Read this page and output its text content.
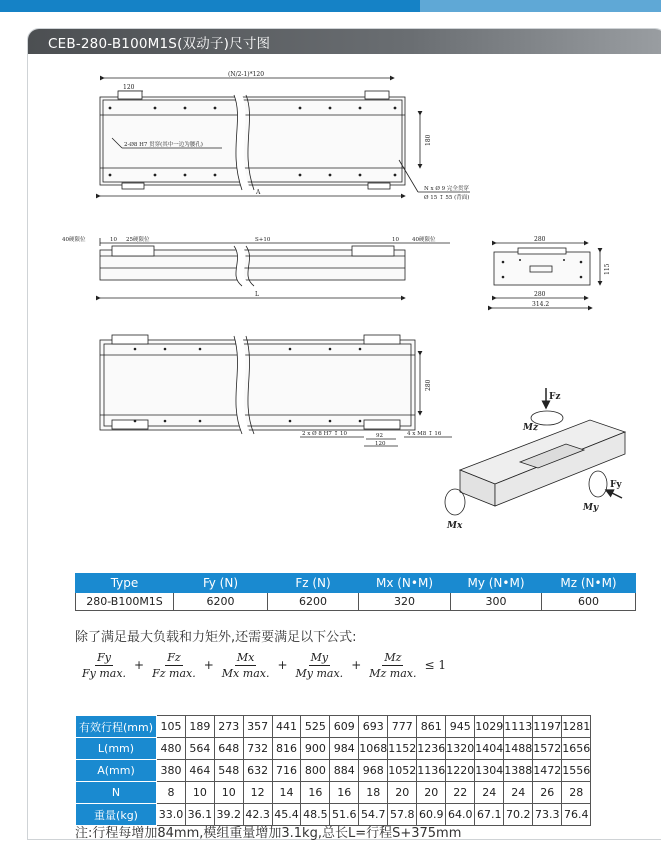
CEB-280-B100M1S(双动子)尺寸图
(N/2-1)*120
120
180
A
2-Ø8 H7 贯穿(其中一边为腰孔)
N x Ø 9 完全贯穿
Ø 15 ↧ 55 (背面)
40硬限位	10 25硬限位	S+10	10 40硬限位
L
280
115
280
314.2
280
2 x Ø 8 H7 ↧ 10	92
120
4 x M8 ↧ 16
Fz
Mz
Fy
My
Mx
Type	Fy (N)	Fz (N)	Mx (N•M)	My (N•M)	Mz (N•M)
280-B100M1S	6200	6200	320	300	600
除了满足最大负载和力矩外,还需要满足以下公式:
$\frac{Fy}{\text{Fy max.}} + \frac{Fz}{\text{Fz max.}} + \frac{Mx}{\text{Mx max.}} + \frac{My}{\text{My max.}} + \frac{Mz}{\text{Mz max.}} \le 1$
有效行程(mm)	105	189	273	357	441	525	609	693	777	861	945	1029	1113	1197	1281
L(mm)	480	564	648	732	816	900	984	1068	1152	1236	1320	1404	1488	1572	1656
A(mm)	380	464	548	632	716	800	884	968	1052	1136	1220	1304	1388	1472	1556
N	8	10	10	12	14	16	16	18	20	20	22	24	24	26	28
重量(kg)	33.0	36.1	39.2	42.3	45.4	48.5	51.6	54.7	57.8	60.9	64.0	67.1	70.2	73.3	76.4
注:行程每增加84mm,模组重量增加3.1kg,总长L=行程S+375mm
